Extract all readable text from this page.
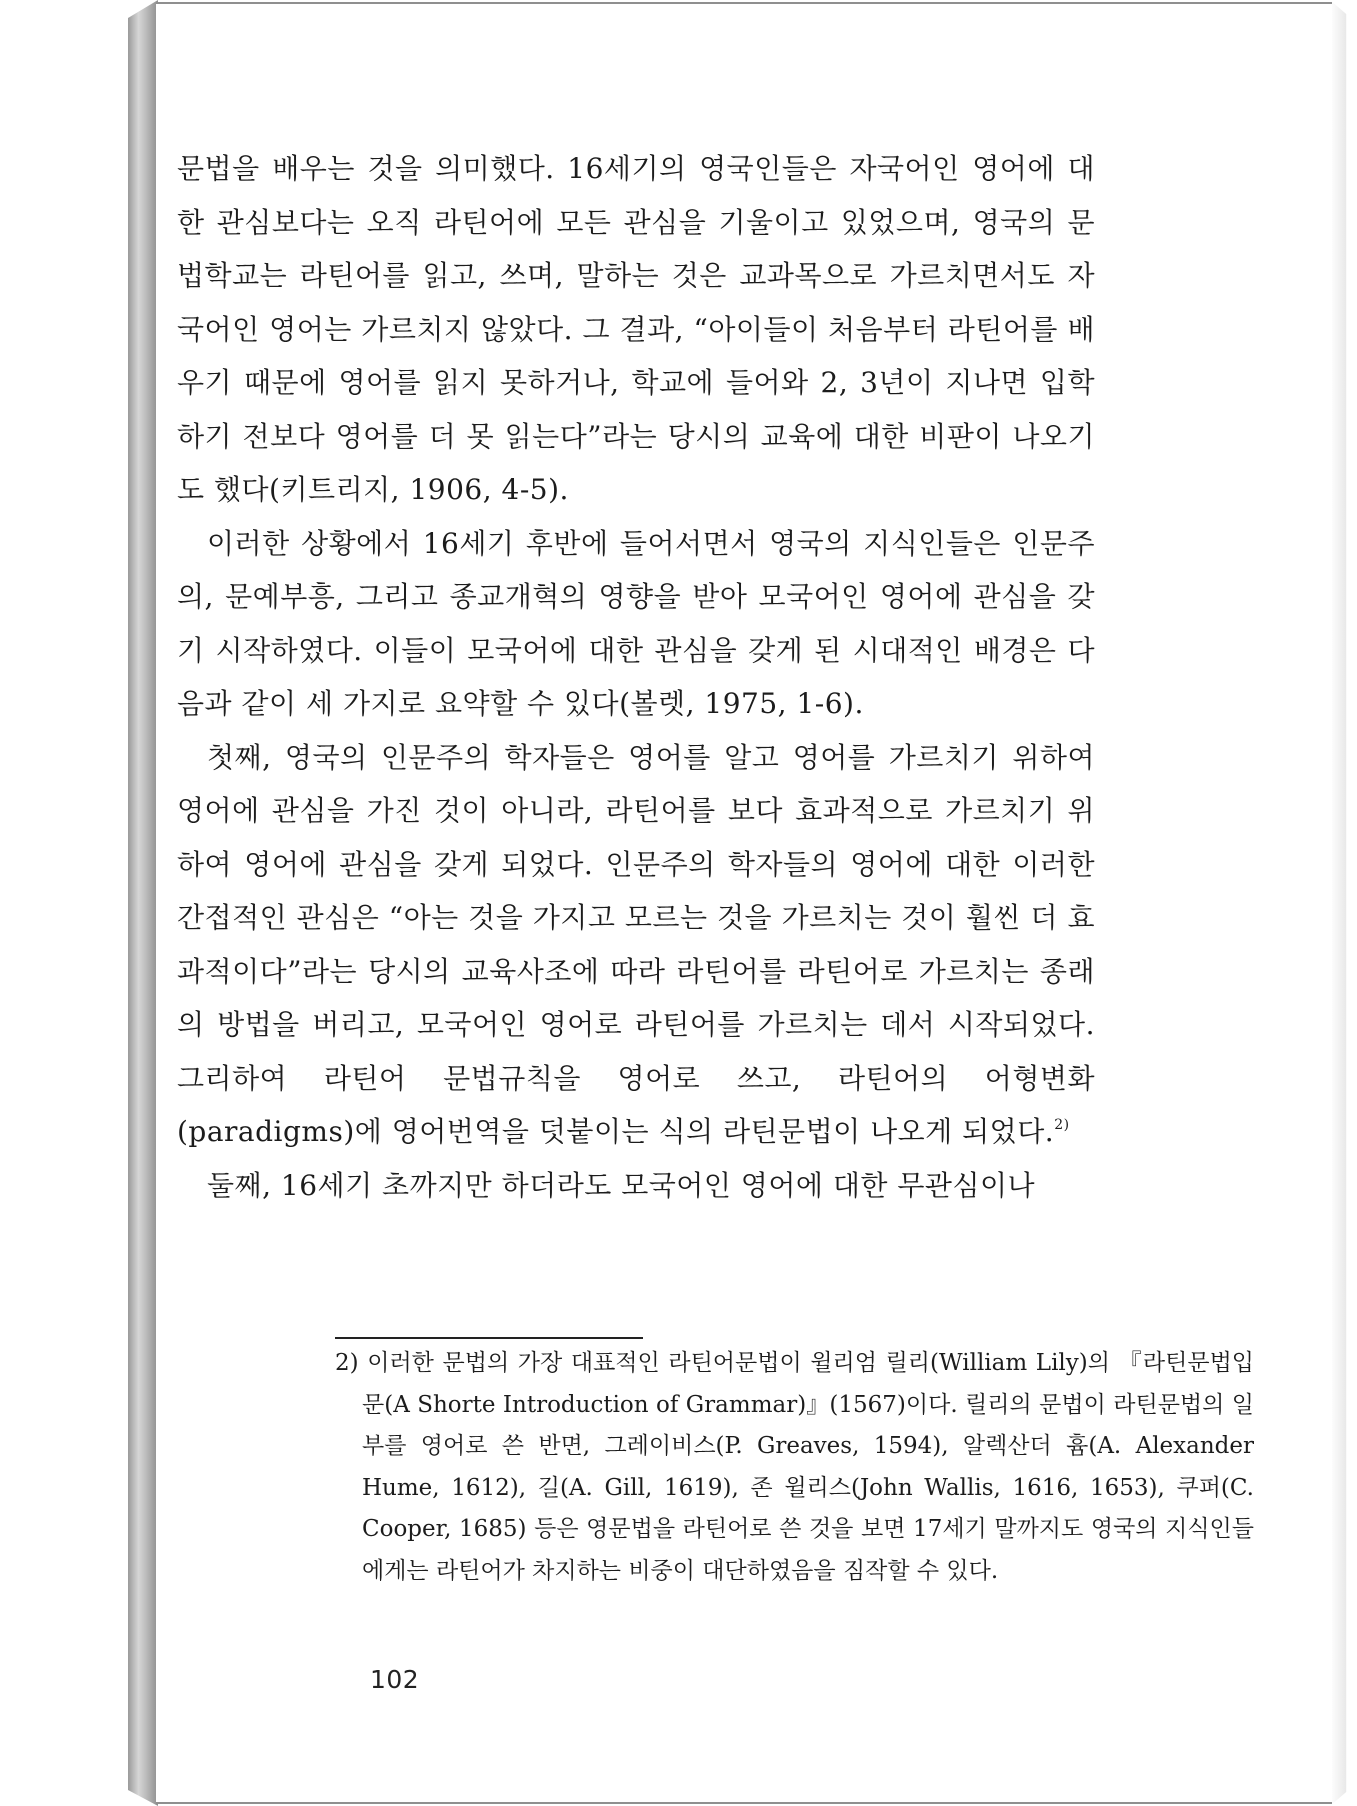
문법을 배우는 것을 의미했다. 16세기의 영국인들은 자국어인 영어에 대한 관심보다는 오직 라틴어에 모든 관심을 기울이고 있었으며, 영국의 문법학교는 라틴어를 읽고, 쓰며, 말하는 것은 교과목으로 가르치면서도 자국어인 영어는 가르치지 않았다. 그 결과, “아이들이 처음부터 라틴어를 배우기 때문에 영어를 읽지 못하거나, 학교에 들어와 2, 3년이 지나면 입학하기 전보다 영어를 더 못 읽는다”라는 당시의 교육에 대한 비판이 나오기도 했다(키트리지, 1906, 4-5).

이러한 상황에서 16세기 후반에 들어서면서 영국의 지식인들은 인문주의, 문예부흥, 그리고 종교개혁의 영향을 받아 모국어인 영어에 관심을 갖기 시작하였다. 이들이 모국어에 대한 관심을 갖게 된 시대적인 배경은 다음과 같이 세 가지로 요약할 수 있다(볼렛, 1975, 1-6).

첫째, 영국의 인문주의 학자들은 영어를 알고 영어를 가르치기 위하여 영어에 관심을 가진 것이 아니라, 라틴어를 보다 효과적으로 가르치기 위하여 영어에 관심을 갖게 되었다. 인문주의 학자들의 영어에 대한 이러한 간접적인 관심은 “아는 것을 가지고 모르는 것을 가르치는 것이 훨씬 더 효과적이다”라는 당시의 교육사조에 따라 라틴어를 라틴어로 가르치는 종래의 방법을 버리고, 모국어인 영어로 라틴어를 가르치는 데서 시작되었다. 그리하여 라틴어 문법규칙을 영어로 쓰고, 라틴어의 어형변화(paradigms)에 영어번역을 덧붙이는 식의 라틴문법이 나오게 되었다.$^{2)}$

둘째, 16세기 초까지만 하더라도 모국어인 영어에 대한 무관심이나

2) 이러한 문법의 가장 대표적인 라틴어문법이 윌리엄 릴리(William Lily)의 『라틴문법입문(A Shorte Introduction of Grammar)』(1567)이다. 릴리의 문법이 라틴문법의 일부를 영어로 쓴 반면, 그레이비스(P. Greaves, 1594), 알렉산더 흄(A. Alexander Hume, 1612), 길(A. Gill, 1619), 존 윌리스(John Wallis, 1616, 1653), 쿠퍼(C. Cooper, 1685) 등은 영문법을 라틴어로 쓴 것을 보면 17세기 말까지도 영국의 지식인들에게는 라틴어가 차지하는 비중이 대단하였음을 짐작할 수 있다.

102
